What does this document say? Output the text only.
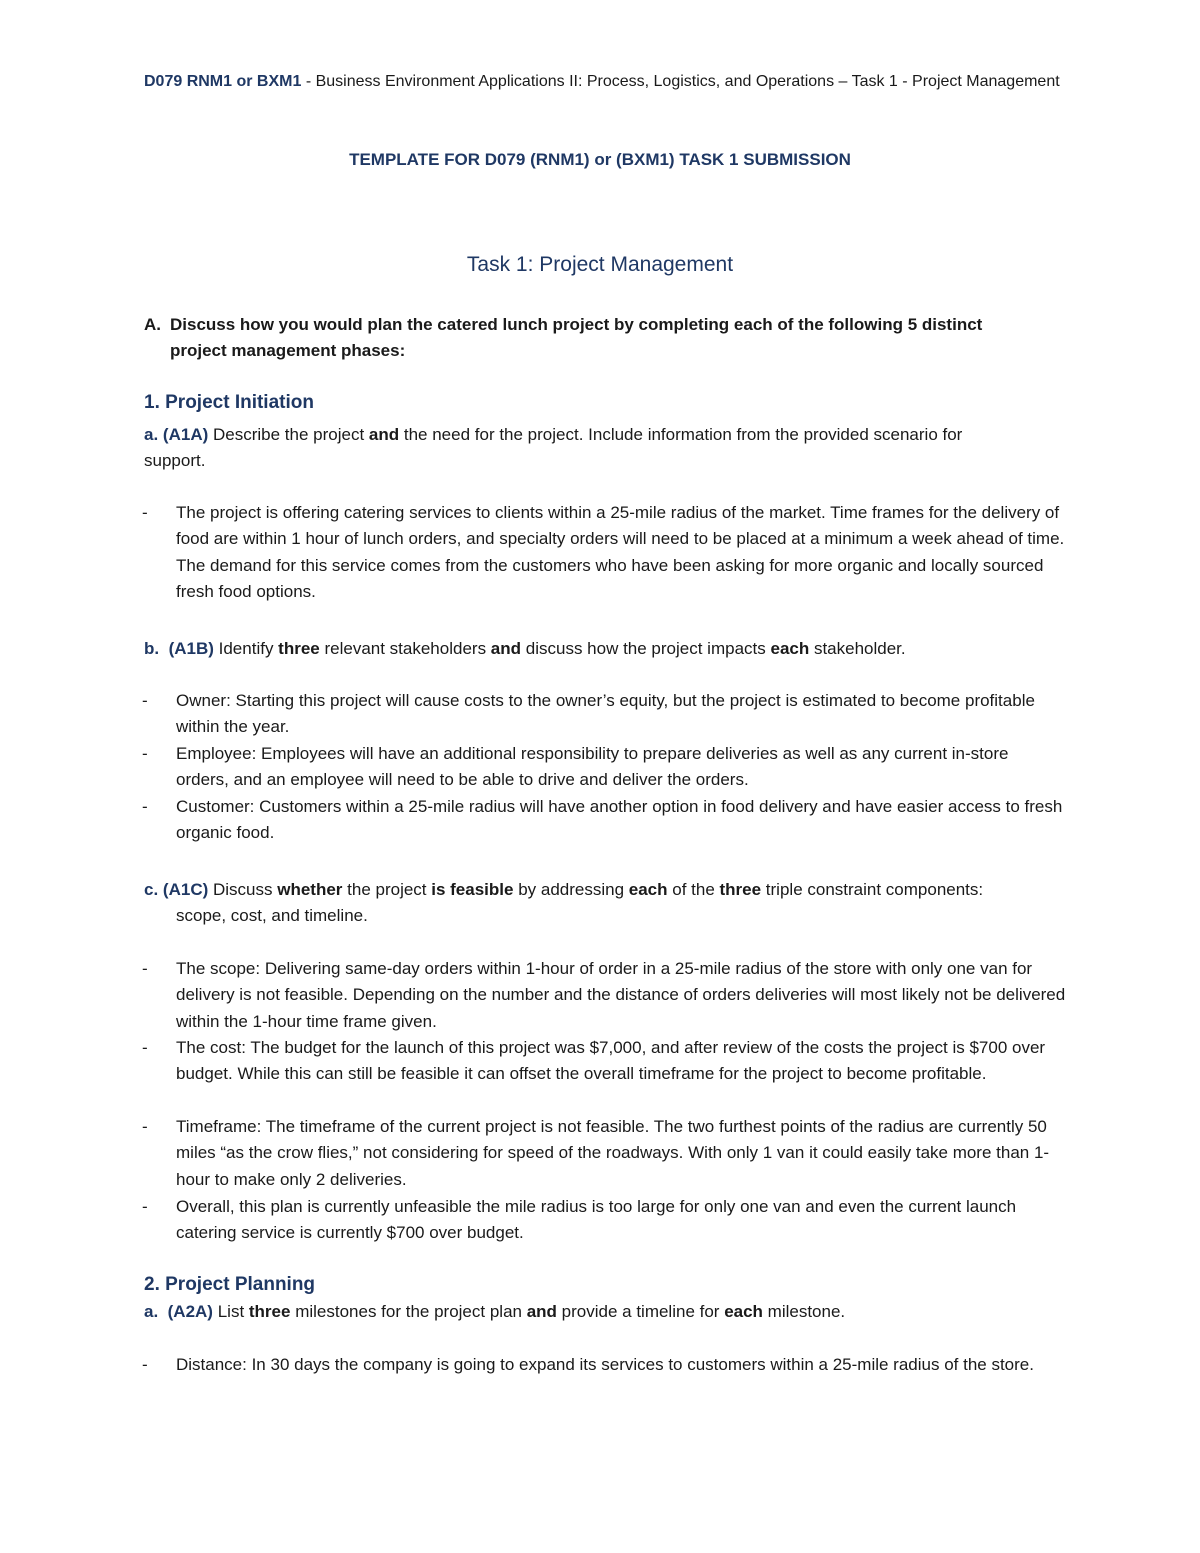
D079 RNM1 or BXM1 - Business Environment Applications II: Process, Logistics, and Operations – Task 1 - Project Management
TEMPLATE FOR D079 (RNM1) or (BXM1) TASK 1 SUBMISSION
Task 1: Project Management
A. Discuss how you would plan the catered lunch project by completing each of the following 5 distinct project management phases:
1. Project Initiation
a. (A1A) Describe the project and the need for the project. Include information from the provided scenario for support.
- The project is offering catering services to clients within a 25-mile radius of the market. Time frames for the delivery of food are within 1 hour of lunch orders, and specialty orders will need to be placed at a minimum a week ahead of time. The demand for this service comes from the customers who have been asking for more organic and locally sourced fresh food options.
b. (A1B) Identify three relevant stakeholders and discuss how the project impacts each stakeholder.
- Owner: Starting this project will cause costs to the owner’s equity, but the project is estimated to become profitable within the year.
- Employee: Employees will have an additional responsibility to prepare deliveries as well as any current in-store orders, and an employee will need to be able to drive and deliver the orders.
- Customer: Customers within a 25-mile radius will have another option in food delivery and have easier access to fresh organic food.
c. (A1C) Discuss whether the project is feasible by addressing each of the three triple constraint components: scope, cost, and timeline.
- The scope: Delivering same-day orders within 1-hour of order in a 25-mile radius of the store with only one van for delivery is not feasible. Depending on the number and the distance of orders deliveries will most likely not be delivered within the 1-hour time frame given.
- The cost: The budget for the launch of this project was $7,000, and after review of the costs the project is $700 over budget. While this can still be feasible it can offset the overall timeframe for the project to become profitable.
- Timeframe: The timeframe of the current project is not feasible. The two furthest points of the radius are currently 50 miles “as the crow flies,” not considering for speed of the roadways. With only 1 van it could easily take more than 1-hour to make only 2 deliveries.
- Overall, this plan is currently unfeasible the mile radius is too large for only one van and even the current launch catering service is currently $700 over budget.
2. Project Planning
a. (A2A) List three milestones for the project plan and provide a timeline for each milestone.
- Distance: In 30 days the company is going to expand its services to customers within a 25-mile radius of the store.
